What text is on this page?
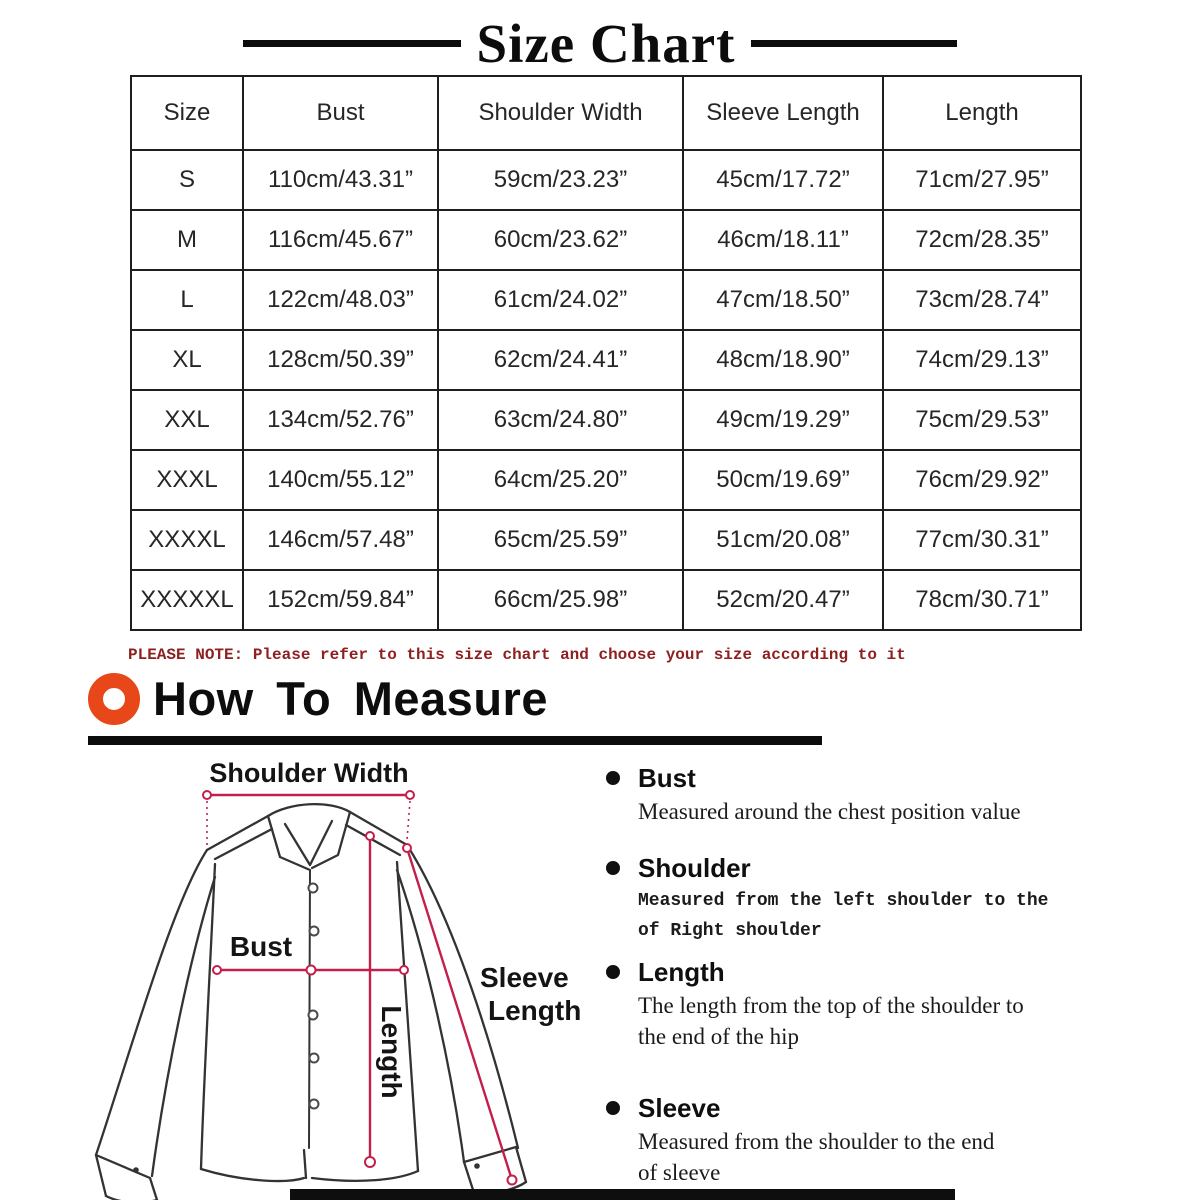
Size Chart
Size	Bust	Shoulder Width	Sleeve Length	Length
S	110cm/43.31”	59cm/23.23”	45cm/17.72”	71cm/27.95”
M	116cm/45.67”	60cm/23.62”	46cm/18.11”	72cm/28.35”
L	122cm/48.03”	61cm/24.02”	47cm/18.50”	73cm/28.74”
XL	128cm/50.39”	62cm/24.41”	48cm/18.90”	74cm/29.13”
XXL	134cm/52.76”	63cm/24.80”	49cm/19.29”	75cm/29.53”
XXXL	140cm/55.12”	64cm/25.20”	50cm/19.69”	76cm/29.92”
XXXXL	146cm/57.48”	65cm/25.59”	51cm/20.08”	77cm/30.31”
XXXXXL	152cm/59.84”	66cm/25.98”	52cm/20.47”	78cm/30.71”
PLEASE NOTE: Please refer to this size chart and choose your size according to it
How To Measure
Shoulder Width
Bust
Length
Sleeve
Length
Bust
Measured around the chest position value
Shoulder
Measured from the left shoulder to the
of Right shoulder
Length
The length from the top of the shoulder to
the end of the hip
Sleeve
Measured from the shoulder to the end
of sleeve
